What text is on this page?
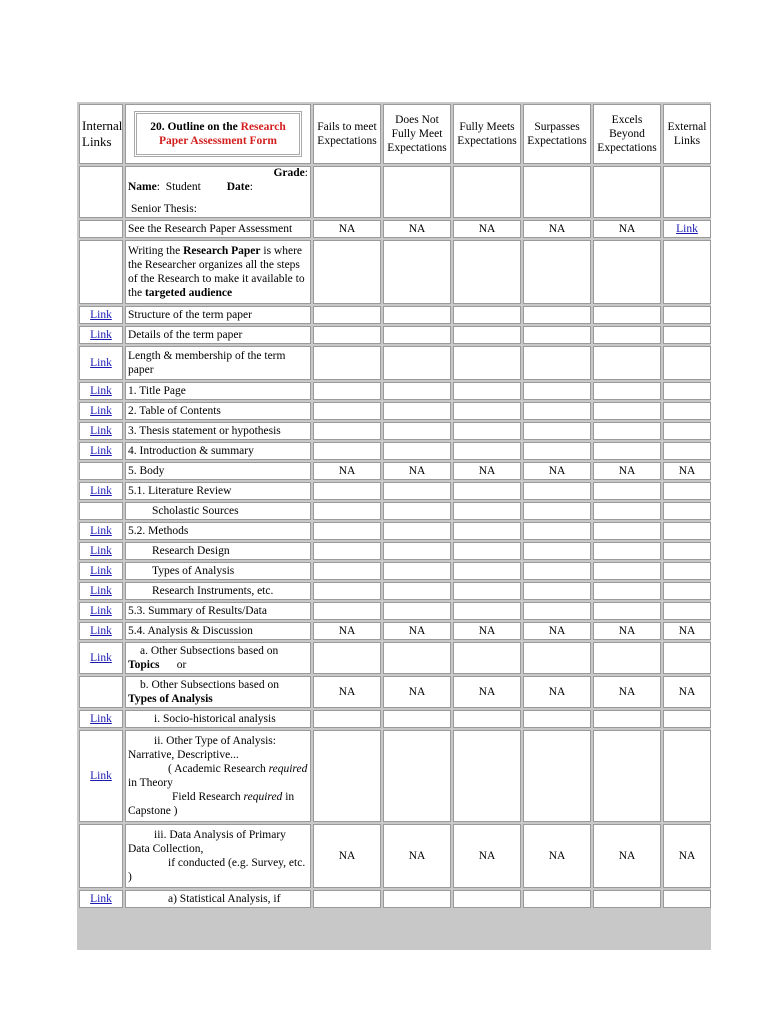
Internal Links	20. Outline on the Research Paper Assessment Form	Fails to meet Expectations	Does Not Fully Meet Expectations	Fully Meets Expectations	Surpasses Expectations	Excels Beyond Expectations	External Links

	Grade:
Name:  Student Date:
Senior Thesis:						

	See the Research Paper Assessment	NA	NA	NA	NA	NA	Link
	Writing the Research Paper is where the Researcher organizes all the steps of the Research to make it available to the targeted audience						
Link	Structure of the term paper						
Link	Details of the term paper						
Link	Length & membership of the term paper						
Link	1. Title Page						
Link	2. Table of Contents						
Link	3. Thesis statement or hypothesis						
Link	4. Introduction & summary						
	5. Body	NA	NA	NA	NA	NA	NA
Link	5.1. Literature Review						

	Scholastic Sources						

Link	5.2. Methods						
Link	Research Design						

Link	Types of Analysis						

Link	Research Instruments, etc.						

Link	5.3. Summary of Results/Data						
Link	5.4. Analysis & Discussion	NA	NA	NA	NA	NA	NA
Link	a. Other Subsections based on Topics      or						
	b. Other Subsections based on Types of Analysis	NA	NA	NA	NA	NA	NA
Link	i. Socio-historical analysis						

Link	ii. Other Type of Analysis: Narrative, Descriptive...
( Academic Research required in Theory
Field Research required in Capstone )						
	iii. Data Analysis of Primary Data Collection,
if conducted (e.g. Survey, etc. )	NA	NA	NA	NA	NA	NA
Link	a) Statistical Analysis, if						
